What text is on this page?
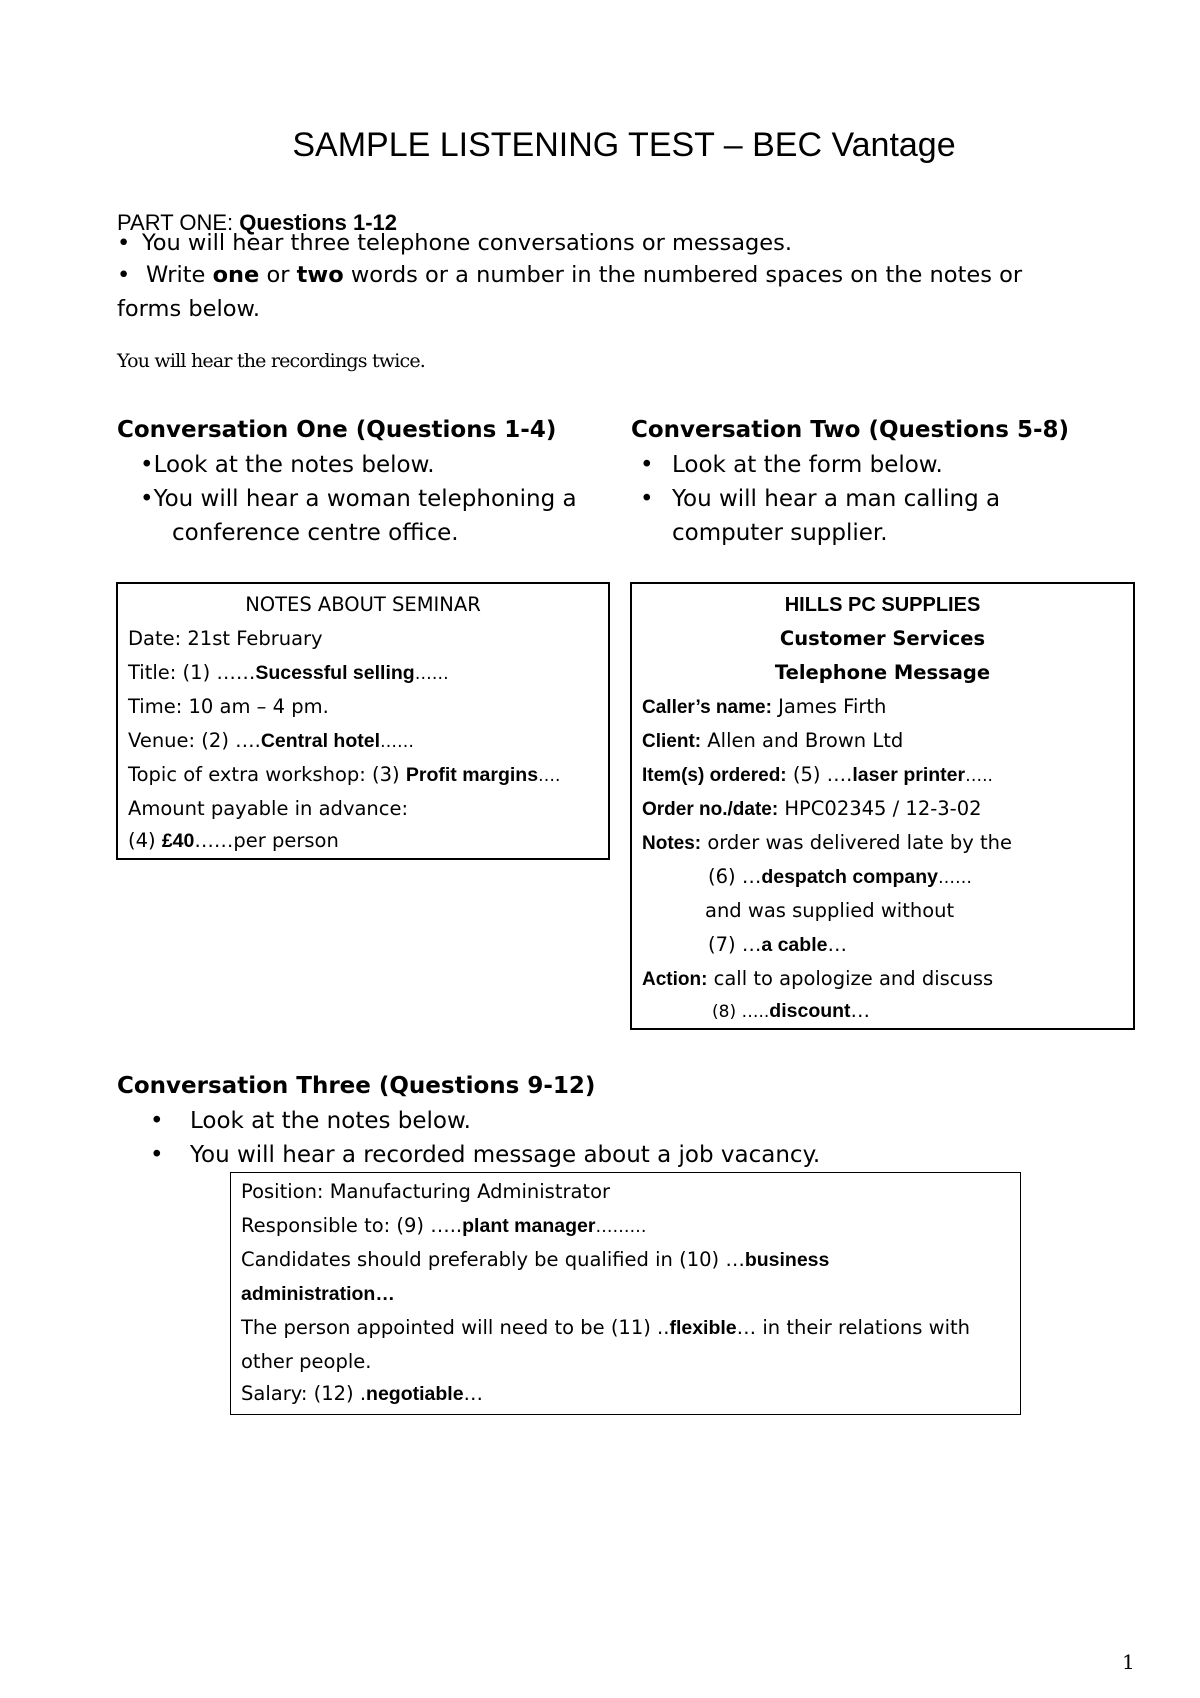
SAMPLE LISTENING TEST – BEC Vantage
PART ONE: Questions 1-12
• You will hear three telephone conversations or messages.
• Write one or two words or a number in the numbered spaces on the notes or
forms below.
You will hear the recordings twice.
Conversation One (Questions 1-4)
•Look at the notes below.
•You will hear a woman telephoning a
conference centre office.
Conversation Two (Questions 5-8)
• Look at the form below.
• You will hear a man calling a
computer supplier.
NOTES ABOUT SEMINAR
Date: 21st February
Title: (1) ……Sucessful selling……
Time: 10 am – 4 pm.
Venue: (2) ….Central hotel……
Topic of extra workshop: (3) Profit margins….
Amount payable in advance:
(4) £40……per person
HILLS PC SUPPLIES
Customer Services
Telephone Message
Caller’s name: James Firth
Client: Allen and Brown Ltd
Item(s) ordered: (5) ….laser printer…..
Order no./date: HPC02345 / 12-3-02
Notes: order was delivered late by the
(6) …despatch company……
and was supplied without
(7) …a cable…
Action: call to apologize and discuss
(8) …..discount…
Conversation Three (Questions 9-12)
• Look at the notes below.
• You will hear a recorded message about a job vacancy.
Position: Manufacturing Administrator
Responsible to: (9) …..plant manager………
Candidates should preferably be qualified in (10) …business
administration…
The person appointed will need to be (11) ..flexible… in their relations with
other people.
Salary: (12) .negotiable…
1
